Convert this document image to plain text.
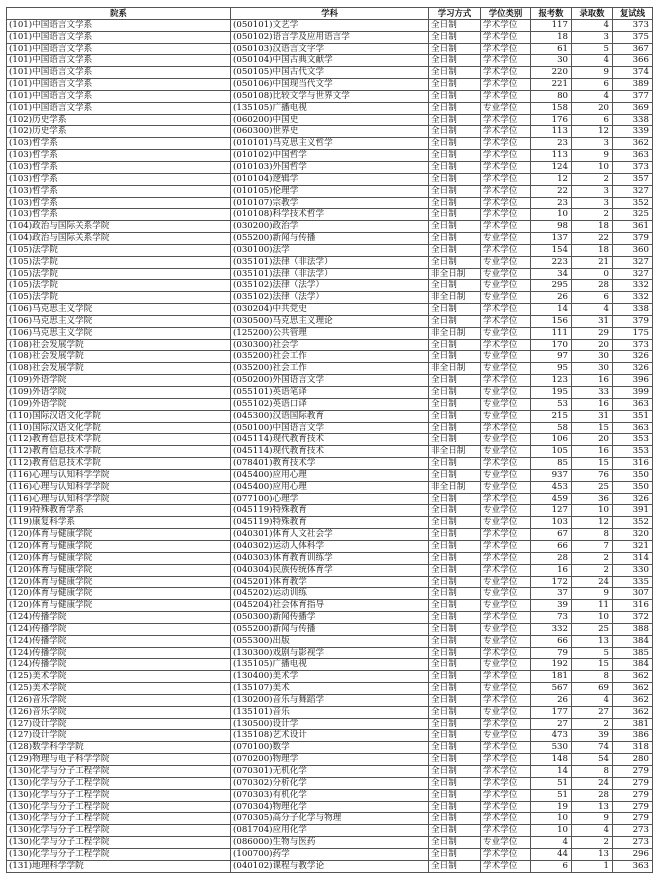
院系	学科	学习方式	学位类别	报考数	录取数	复试线
(101)中国语言文学系	(050101)文艺学	全日制	学术学位	117	4	373
(101)中国语言文学系	(050102)语言学及应用语言学	全日制	学术学位	18	3	375
(101)中国语言文学系	(050103)汉语言文字学	全日制	学术学位	61	5	367
(101)中国语言文学系	(050104)中国古典文献学	全日制	学术学位	30	4	366
(101)中国语言文学系	(050105)中国古代文学	全日制	学术学位	220	9	374
(101)中国语言文学系	(050106)中国现当代文学	全日制	学术学位	221	6	389
(101)中国语言文学系	(050108)比较文学与世界文学	全日制	学术学位	80	4	377
(101)中国语言文学系	(135105)广播电视	全日制	专业学位	158	20	369
(102)历史学系	(060200)中国史	全日制	学术学位	176	6	338
(102)历史学系	(060300)世界史	全日制	学术学位	113	12	339
(103)哲学系	(010101)马克思主义哲学	全日制	学术学位	23	3	362
(103)哲学系	(010102)中国哲学	全日制	学术学位	113	9	363
(103)哲学系	(010103)外国哲学	全日制	学术学位	124	10	373
(103)哲学系	(010104)逻辑学	全日制	学术学位	12	2	357
(103)哲学系	(010105)伦理学	全日制	学术学位	22	3	327
(103)哲学系	(010107)宗教学	全日制	学术学位	23	3	352
(103)哲学系	(010108)科学技术哲学	全日制	学术学位	10	2	325
(104)政治与国际关系学院	(030200)政治学	全日制	学术学位	98	18	361
(104)政治与国际关系学院	(055200)新闻与传播	全日制	专业学位	137	22	379
(105)法学院	(030100)法学	全日制	学术学位	154	18	360
(105)法学院	(035101)法律（非法学）	全日制	专业学位	223	21	327
(105)法学院	(035101)法律（非法学）	非全日制	专业学位	34	0	327
(105)法学院	(035102)法律（法学）	全日制	专业学位	295	28	332
(105)法学院	(035102)法律（法学）	非全日制	专业学位	26	6	332
(106)马克思主义学院	(030204)中共党史	全日制	学术学位	14	4	338
(106)马克思主义学院	(030500)马克思主义理论	全日制	学术学位	156	31	379
(106)马克思主义学院	(125200)公共管理	非全日制	专业学位	111	29	175
(108)社会发展学院	(030300)社会学	全日制	学术学位	170	20	373
(108)社会发展学院	(035200)社会工作	全日制	专业学位	97	30	326
(108)社会发展学院	(035200)社会工作	非全日制	专业学位	95	30	326
(109)外语学院	(050200)外国语言文学	全日制	学术学位	123	16	396
(109)外语学院	(055101)英语笔译	全日制	专业学位	195	33	399
(109)外语学院	(055102)英语口译	全日制	专业学位	53	16	363
(110)国际汉语文化学院	(045300)汉语国际教育	全日制	专业学位	215	31	351
(110)国际汉语文化学院	(050100)中国语言文学	全日制	学术学位	58	15	363
(112)教育信息技术学院	(045114)现代教育技术	全日制	专业学位	106	20	353
(112)教育信息技术学院	(045114)现代教育技术	非全日制	专业学位	105	16	353
(112)教育信息技术学院	(078401)教育技术学	全日制	学术学位	85	15	316
(116)心理与认知科学学院	(045400)应用心理	全日制	专业学位	937	76	350
(116)心理与认知科学学院	(045400)应用心理	非全日制	专业学位	453	25	350
(116)心理与认知科学学院	(077100)心理学	全日制	学术学位	459	36	326
(119)特殊教育学系	(045119)特殊教育	全日制	专业学位	127	10	391
(119)康复科学系	(045119)特殊教育	全日制	专业学位	103	12	352
(120)体育与健康学院	(040301)体育人文社会学	全日制	学术学位	67	8	320
(120)体育与健康学院	(040302)运动人体科学	全日制	学术学位	66	7	321
(120)体育与健康学院	(040303)体育教育训练学	全日制	学术学位	28	2	314
(120)体育与健康学院	(040304)民族传统体育学	全日制	学术学位	16	2	330
(120)体育与健康学院	(045201)体育教学	全日制	专业学位	172	24	335
(120)体育与健康学院	(045202)运动训练	全日制	专业学位	37	9	307
(120)体育与健康学院	(045204)社会体育指导	全日制	专业学位	39	11	316
(124)传播学院	(050300)新闻传播学	全日制	学术学位	73	10	372
(124)传播学院	(055200)新闻与传播	全日制	专业学位	332	25	388
(124)传播学院	(055300)出版	全日制	专业学位	66	13	384
(124)传播学院	(130300)戏剧与影视学	全日制	学术学位	79	5	385
(124)传播学院	(135105)广播电视	全日制	专业学位	192	15	384
(125)美术学院	(130400)美术学	全日制	学术学位	181	8	362
(125)美术学院	(135107)美术	全日制	专业学位	567	69	362
(126)音乐学院	(130200)音乐与舞蹈学	全日制	学术学位	26	4	362
(126)音乐学院	(135101)音乐	全日制	专业学位	177	27	362
(127)设计学院	(130500)设计学	全日制	学术学位	27	2	381
(127)设计学院	(135108)艺术设计	全日制	专业学位	473	39	386
(128)数学科学学院	(070100)数学	全日制	学术学位	530	74	318
(129)物理与电子科学学院	(070200)物理学	全日制	学术学位	148	54	280
(130)化学与分子工程学院	(070301)无机化学	全日制	学术学位	14	8	279
(130)化学与分子工程学院	(070302)分析化学	全日制	学术学位	51	24	279
(130)化学与分子工程学院	(070303)有机化学	全日制	学术学位	51	28	279
(130)化学与分子工程学院	(070304)物理化学	全日制	学术学位	19	13	279
(130)化学与分子工程学院	(070305)高分子化学与物理	全日制	学术学位	10	9	279
(130)化学与分子工程学院	(081704)应用化学	全日制	学术学位	10	4	273
(130)化学与分子工程学院	(086000)生物与医药	全日制	专业学位	4	2	273
(130)化学与分子工程学院	(100700)药学	全日制	学术学位	44	13	296
(131)地理科学学院	(040102)课程与教学论	全日制	学术学位	6	1	363
